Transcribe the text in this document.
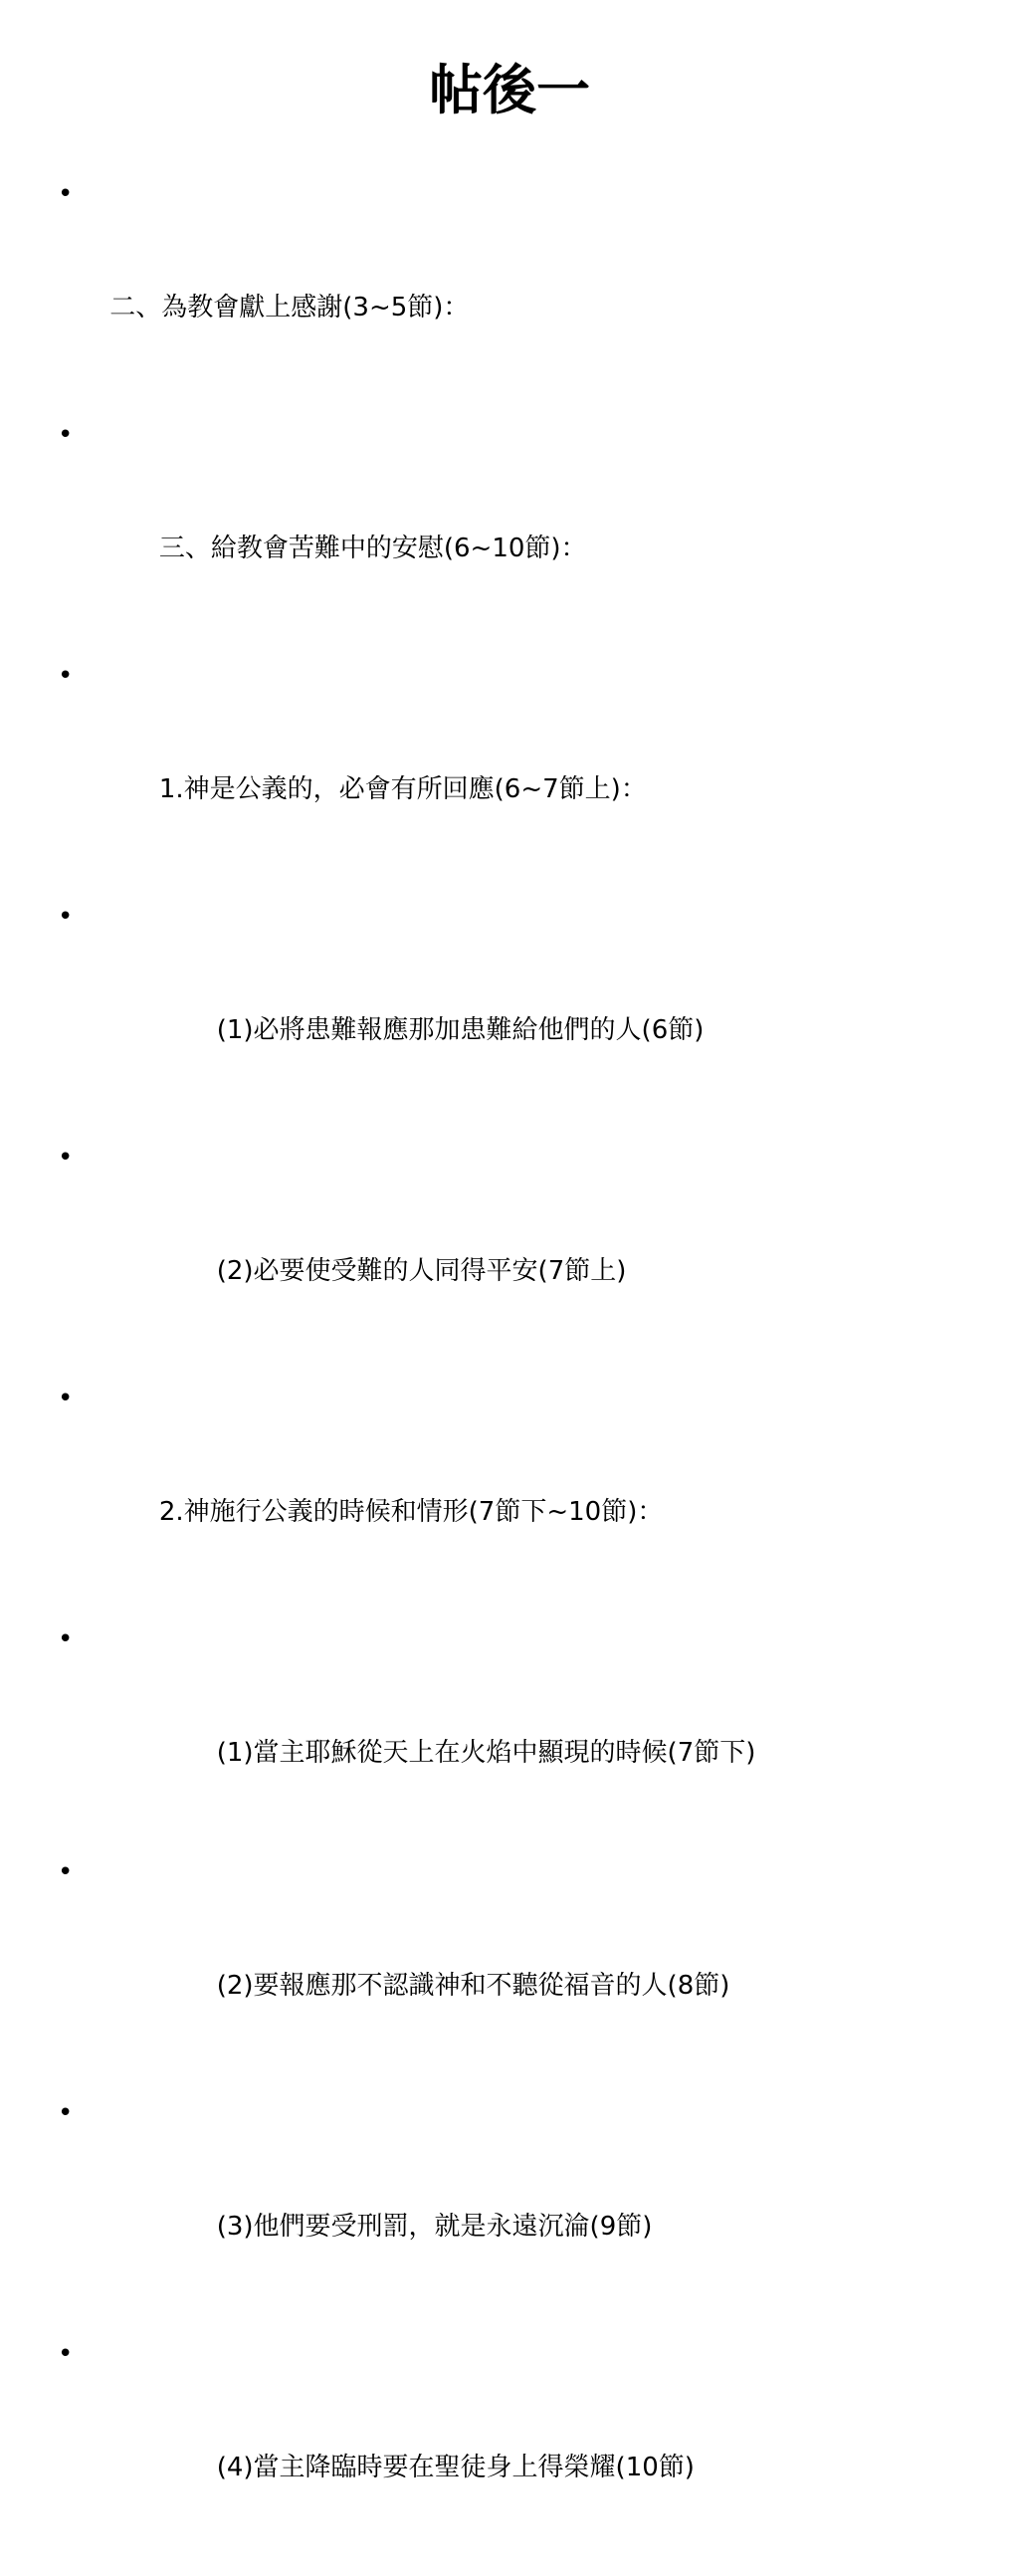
帖後一

•

二、為教會獻上感謝(3~5節)：

•

三、給教會苦難中的安慰(6~10節)：

•

1.神是公義的，必會有所回應(6~7節上)：

•

(1)必將患難報應那加患難給他們的人(6節)

•

(2)必要使受難的人同得平安(7節上)

•

2.神施行公義的時候和情形(7節下~10節)：

•

(1)當主耶穌從天上在火焰中顯現的時候(7節下)

•

(2)要報應那不認識神和不聽從福音的人(8節)

•

(3)他們要受刑罰，就是永遠沉淪(9節)

•

(4)當主降臨時要在聖徒身上得榮耀(10節)
